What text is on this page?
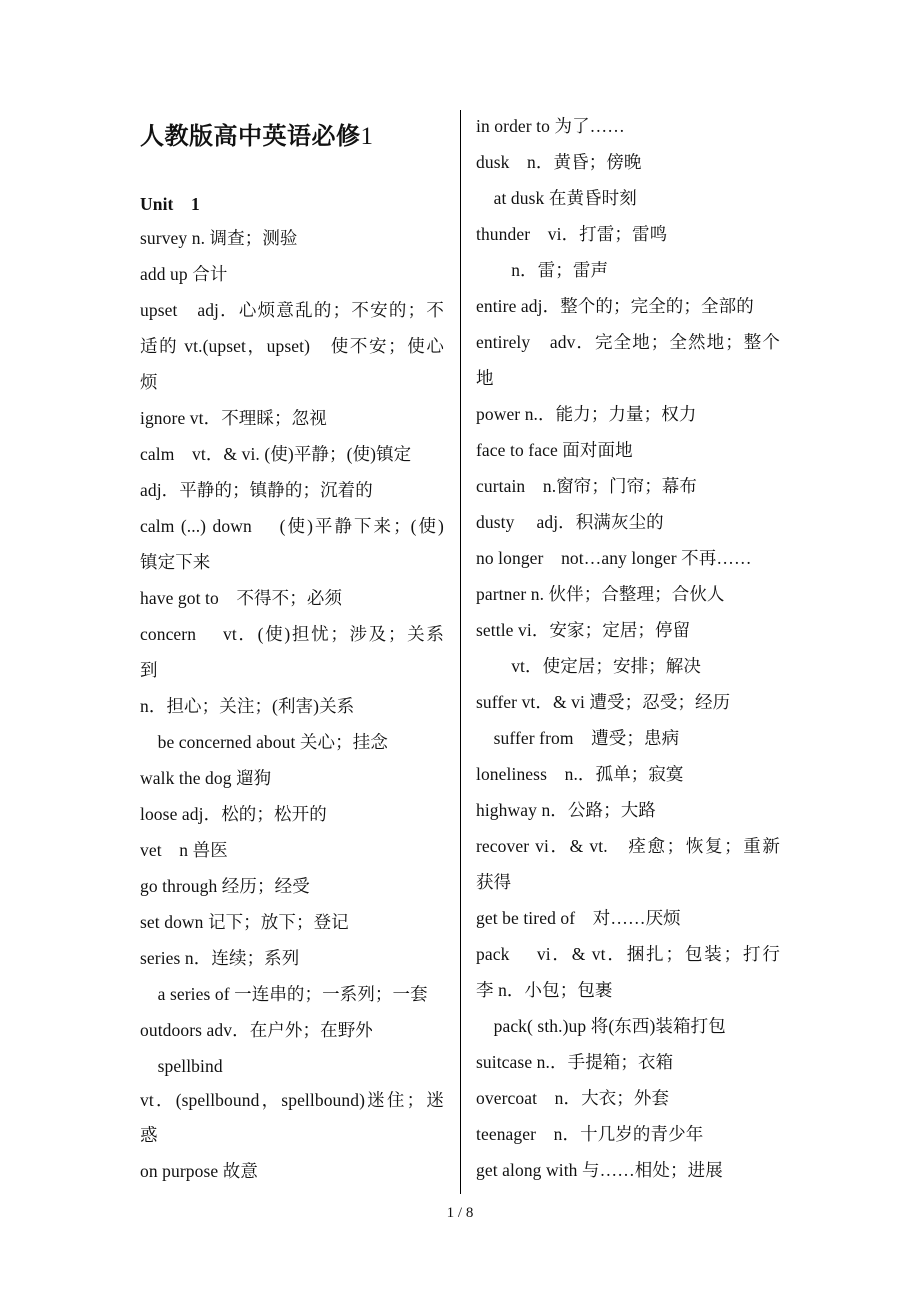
人教版高中英语必修1
Unit　1
survey n. 调查；测验
add up 合计
upset　adj．心烦意乱的；不安的；不
适的 vt.(upset，upset)　使不安；使心
烦
ignore vt．不理睬；忽视
calm　vt．& vi. (使)平静；(使)镇定
adj．平静的；镇静的；沉着的
calm (...) down　 (使)平静下来；(使)
镇定下来
have got to　不得不；必须
concern　 vt．(使)担忧；涉及；关系
到
n．担心；关注；(利害)关系
　be concerned about 关心；挂念
walk the dog 遛狗
loose adj．松的；松开的
vet　n 兽医
go through 经历；经受
set down 记下；放下；登记
series n．连续；系列
　a series of 一连串的；一系列；一套
outdoors adv．在户外；在野外
　spellbind
vt．(spellbound，spellbound)迷住；迷
惑
on purpose 故意
in order to 为了……
dusk　n．黄昏；傍晚
　at dusk 在黄昏时刻
thunder　vi．打雷；雷鸣
　　n．雷；雷声
entire adj．整个的；完全的；全部的
entirely　adv．完全地；全然地；整个
地
power n.．能力；力量；权力
face to face 面对面地
curtain　n.窗帘；门帘；幕布
dusty　 adj．积满灰尘的
no longer　not…any longer 不再……
partner n. 伙伴；合整理；合伙人
settle vi．安家；定居；停留
　　vt．使定居；安排；解决
suffer vt．& vi 遭受；忍受；经历
　suffer from　遭受；患病
loneliness　n.．孤单；寂寞
highway n．公路；大路
recover vi．& vt.　痊愈；恢复；重新
获得
get be tired of　对……厌烦
pack　 vi．& vt．捆扎；包装；打行
李 n．小包；包裹
　pack( sth.)up 将(东西)装箱打包
suitcase n.．手提箱；衣箱
overcoat　n．大衣；外套
teenager　n．十几岁的青少年
get along with 与……相处；进展
1 / 8
